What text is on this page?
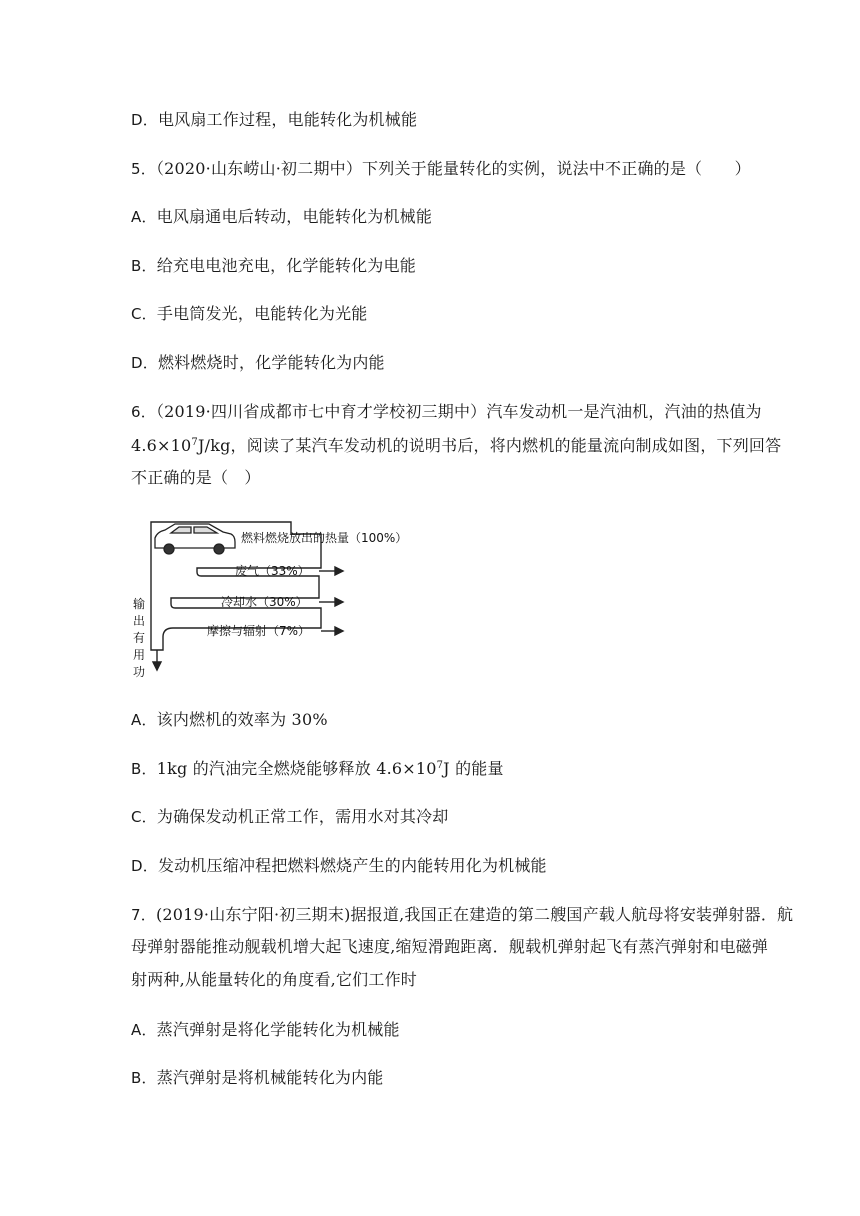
D．电风扇工作过程，电能转化为机械能
5．（2020·山东崂山·初二期中）下列关于能量转化的实例，说法中不正确的是（　　）
A．电风扇通电后转动，电能转化为机械能
B．给充电电池充电，化学能转化为电能
C．手电筒发光，电能转化为光能
D．燃料燃烧时，化学能转化为内能
6．（2019·四川省成都市七中育才学校初三期中）汽车发动机一是汽油机，汽油的热值为
$4.6\times 10^7J/kg$，阅读了某汽车发动机的说明书后，将内燃机的能量流向制成如图，下列回答
不正确的是（　）
燃料燃烧放出的热量（100%）
废气（33%）
冷却水（30%）
摩擦与辐射（7%）
输
出
有
用
功
A．该内燃机的效率为 30%
B．1kg 的汽油完全燃烧能够释放 $4.6\times 10^7J$ 的能量
C．为确保发动机正常工作，需用水对其冷却
D．发动机压缩冲程把燃料燃烧产生的内能转用化为机械能
7．(2019·山东宁阳·初三期末)据报道,我国正在建造的第二艘国产载人航母将安装弹射器．航
母弹射器能推动舰载机增大起飞速度,缩短滑跑距离．舰载机弹射起飞有蒸汽弹射和电磁弹
射两种,从能量转化的角度看,它们工作时
A．蒸汽弹射是将化学能转化为机械能
B．蒸汽弹射是将机械能转化为内能
